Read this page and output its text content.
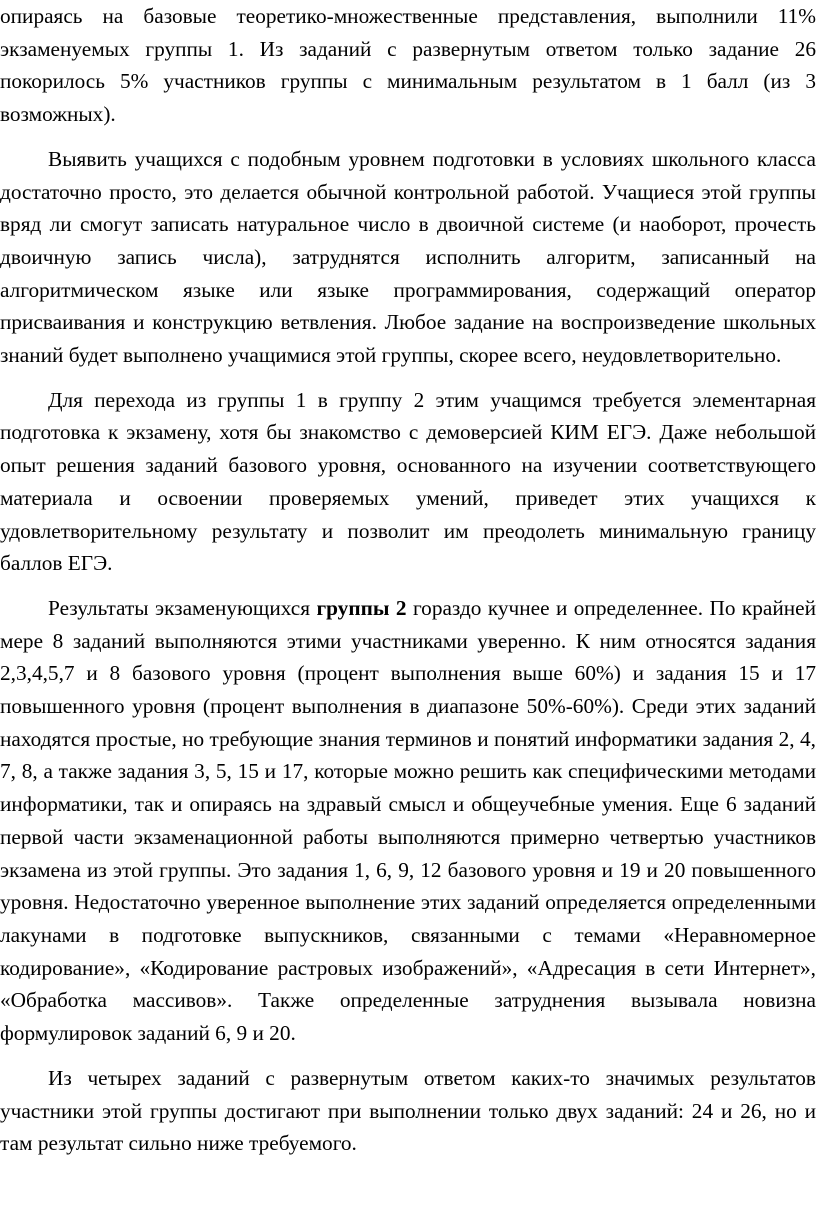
опираясь на базовые теоретико-множественные представления, выполнили 11% экзаменуемых группы 1. Из заданий с развернутым ответом только задание 26 покорилось 5% участников группы с минимальным результатом в 1 балл (из 3 возможных).

Выявить учащихся с подобным уровнем подготовки в условиях школьного класса достаточно просто, это делается обычной контрольной работой. Учащиеся этой группы вряд ли смогут записать натуральное число в двоичной системе (и наоборот, прочесть двоичную запись числа), затруднятся исполнить алгоритм, записанный на алгоритмическом языке или языке программирования, содержащий оператор присваивания и конструкцию ветвления. Любое задание на воспроизведение школьных знаний будет выполнено учащимися этой группы, скорее всего, неудовлетворительно.

Для перехода из группы 1 в группу 2 этим учащимся требуется элементарная подготовка к экзамену, хотя бы знакомство с демоверсией КИМ ЕГЭ. Даже небольшой опыт решения заданий базового уровня, основанного на изучении соответствующего материала и освоении проверяемых умений, приведет этих учащихся к удовлетворительному результату и позволит им преодолеть минимальную границу баллов ЕГЭ.

Результаты экзаменующихся группы 2 гораздо кучнее и определеннее. По крайней мере 8 заданий выполняются этими участниками уверенно. К ним относятся задания 2,3,4,5,7 и 8 базового уровня (процент выполнения выше 60%) и задания 15 и 17 повышенного уровня (процент выполнения в диапазоне 50%-60%). Среди этих заданий находятся простые, но требующие знания терминов и понятий информатики задания 2, 4, 7, 8, а также задания 3, 5, 15 и 17, которые можно решить как специфическими методами информатики, так и опираясь на здравый смысл и общеучебные умения. Еще 6 заданий первой части экзаменационной работы выполняются примерно четвертью участников экзамена из этой группы. Это задания 1, 6, 9, 12 базового уровня и 19 и 20 повышенного уровня. Недостаточно уверенное выполнение этих заданий определяется определенными лакунами в подготовке выпускников, связанными с темами «Неравномерное кодирование», «Кодирование растровых изображений», «Адресация в сети Интернет», «Обработка массивов». Также определенные затруднения вызывала новизна формулировок заданий 6, 9 и 20.

Из четырех заданий с развернутым ответом каких-то значимых результатов участники этой группы достигают при выполнении только двух заданий: 24 и 26, но и там результат сильно ниже требуемого.
